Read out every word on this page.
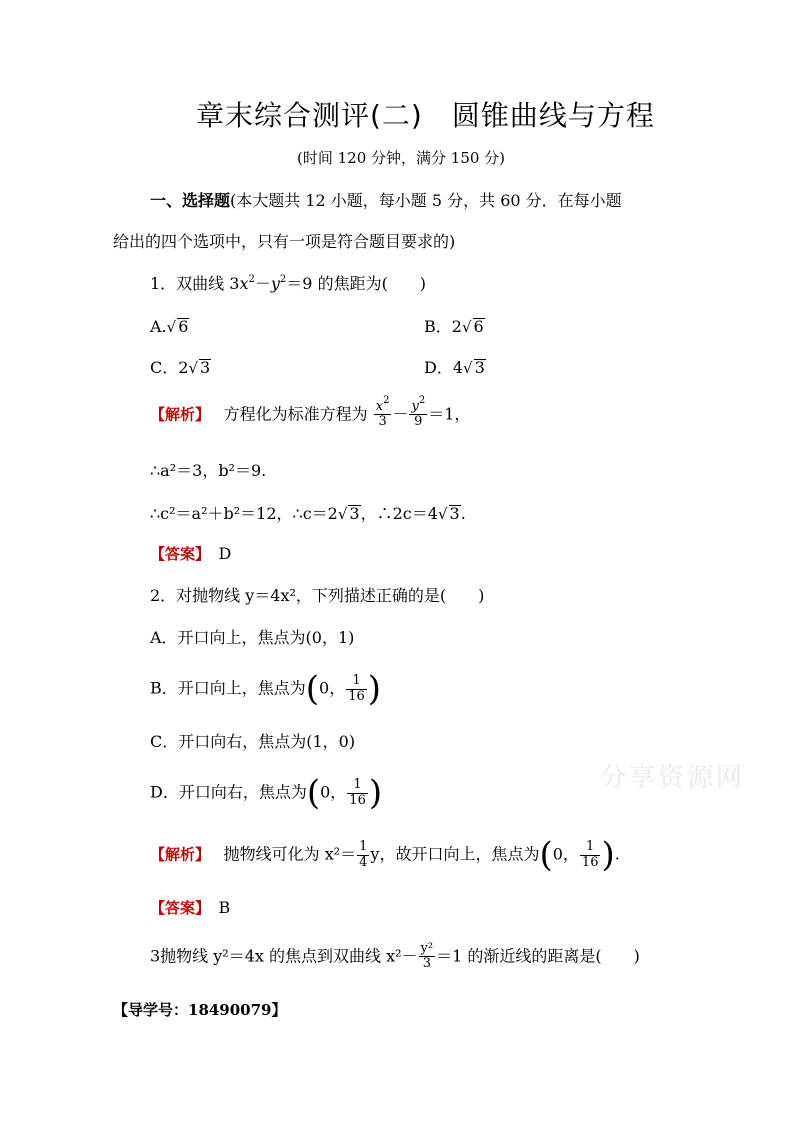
章末综合测评(二)　圆锥曲线与方程
(时间 120 分钟，满分 150 分)
一、选择题(本大题共 12 小题，每小题 5 分，共 60 分．在每小题
给出的四个选项中，只有一项是符合题目要求的)
1．双曲线 $3x^2-y^2=9$ 的焦距为(　　)
A.√ 6	B．2√ 6
C．2√ 3	D．4√ 3
【解析】　 方程化为标准方程为 $\frac{x^2}{3} - \frac{y^2}{9} =1$，
∴a²＝3，b²＝9.
∴c²＝a²＋b²＝12，∴c＝2√ 3，∴2c＝4√ 3.
【答案】　 D
2．对抛物线 y＝4x²，下列描述正确的是(　　)
A．开口向上，焦点为(0，1)
B．开口向上，焦点为(0， $\frac{1}{16}$ )
C．开口向右，焦点为(1，0)
D．开口向右，焦点为(0， $\frac{1}{16}$ )
【解析】　 抛物线可化为 $x^2= \frac{1}{4}$ y，故开口向上，焦点为(0， $\frac{1}{16}$ ).
【答案】　 B
3抛物线 y²＝4x 的焦点到双曲线 $x^2- \frac{\text{y²}}{3} =1$ 的渐近线的距离是(　　)
【导学号：18490079】
分享资源网
